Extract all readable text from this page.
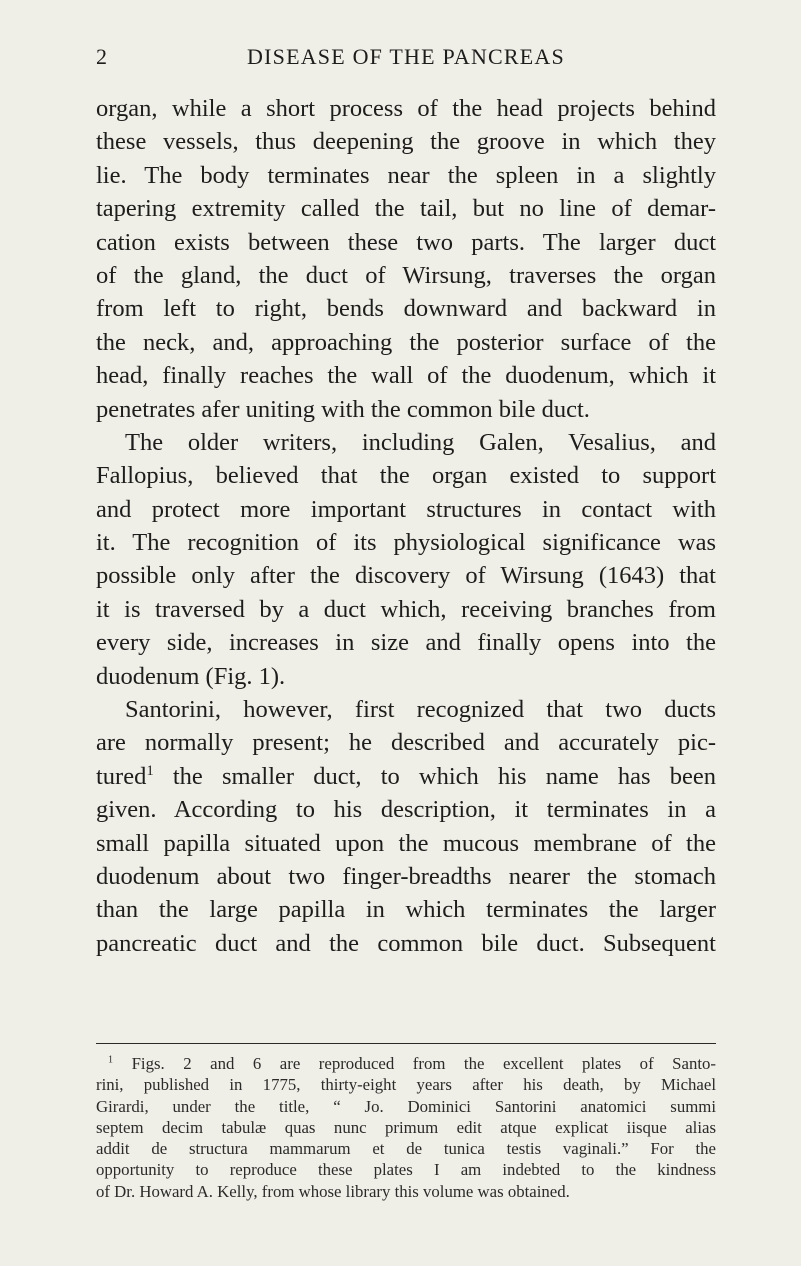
2	DISEASE OF THE PANCREAS
organ, while a short process of the head projects behind
these vessels, thus deepening the groove in which they
lie. The body terminates near the spleen in a slightly
tapering extremity called the tail, but no line of demar-
cation exists between these two parts. The larger duct
of the gland, the duct of Wirsung, traverses the organ
from left to right, bends downward and backward in
the neck, and, approaching the posterior surface of the
head, finally reaches the wall of the duodenum, which it
penetrates afer uniting with the common bile duct.
The older writers, including Galen, Vesalius, and
Fallopius, believed that the organ existed to support
and protect more important structures in contact with
it. The recognition of its physiological significance was
possible only after the discovery of Wirsung (1643) that
it is traversed by a duct which, receiving branches from
every side, increases in size and finally opens into the
duodenum (Fig. 1).
Santorini, however, first recognized that two ducts
are normally present; he described and accurately pic-
tured$^1$ the smaller duct, to which his name has been
given. According to his description, it terminates in a
small papilla situated upon the mucous membrane of the
duodenum about two finger-breadths nearer the stomach
than the large papilla in which terminates the larger
pancreatic duct and the common bile duct. Subsequent
$^1$ Figs. 2 and 6 are reproduced from the excellent plates of Santo-
rini, published in 1775, thirty-eight years after his death, by Michael
Girardi, under the title, “ Jo. Dominici Santorini anatomici summi
septem decim tabulæ quas nunc primum edit atque explicat iisque alias
addit de structura mammarum et de tunica testis vaginali.” For the
opportunity to reproduce these plates I am indebted to the kindness
of Dr. Howard A. Kelly, from whose library this volume was obtained.
